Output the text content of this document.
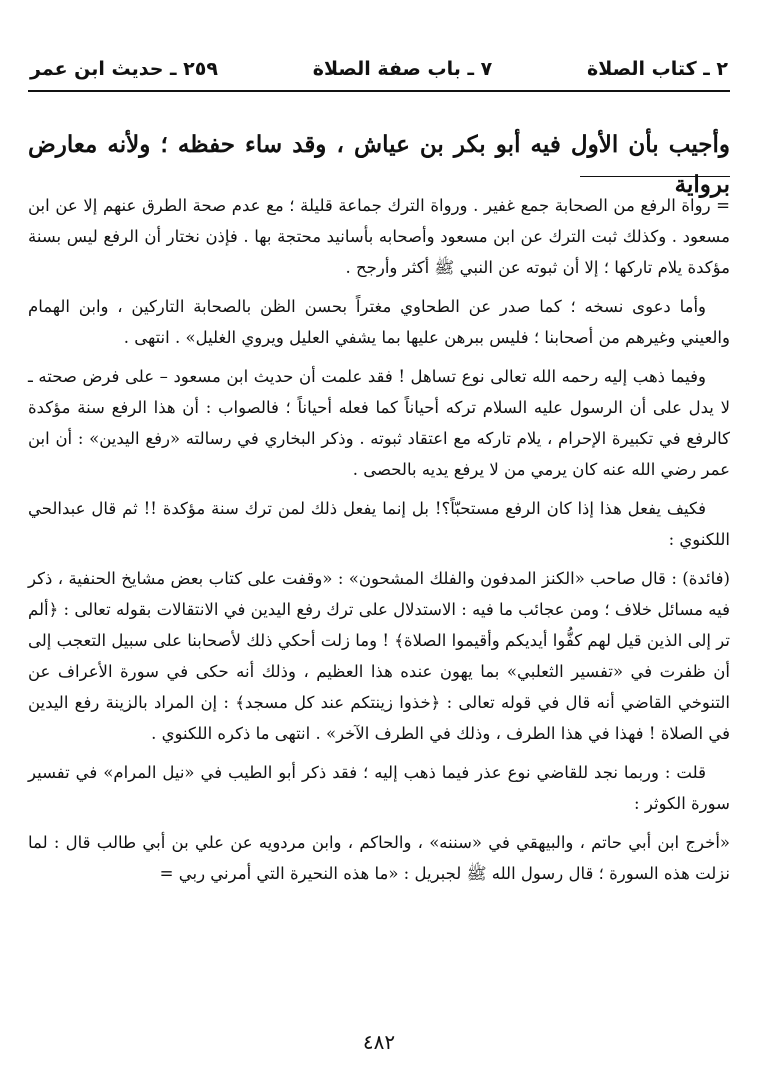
٢ ـ كتاب الصلاة
٧ ـ باب صفة الصلاة
٢٥٩ ـ حديث ابن عمر
وأجيب بأن الأول فيه أبو بكر بن عياش ، وقد ساء حفظه ؛ ولأنه معارض برواية

= رواة الرفع من الصحابة جمع غفير . ورواة الترك جماعة قليلة ؛ مع عدم صحة الطرق عنهم إلا عن ابن مسعود . وكذلك ثبت الترك عن ابن مسعود وأصحابه بأسانيد محتجة بها . فإذن نختار أن الرفع ليس بسنة مؤكدة يلام تاركها ؛ إلا أن ثبوته عن النبي ﷺ أكثر وأرجح .

وأما دعوى نسخه ؛ كما صدر عن الطحاوي مغتراً بحسن الظن بالصحابة التاركين ، وابن الهمام والعيني وغيرهم من أصحابنا ؛ فليس ببرهن عليها بما يشفي العليل ويروي الغليل» . انتهى .

وفيما ذهب إليه رحمه الله تعالى نوع تساهل ! فقد علمت أن حديث ابن مسعود – على فرض صحته ـ لا يدل على أن الرسول عليه السلام تركه أحياناً كما فعله أحياناً ؛ فالصواب : أن هذا الرفع سنة مؤكدة كالرفع في تكبيرة الإحرام ، يلام تاركه مع اعتقاد ثبوته . وذكر البخاري في رسالته «رفع اليدين» : أن ابن عمر رضي الله عنه كان يرمي من لا يرفع يديه بالحصى .

فكيف يفعل هذا إذا كان الرفع مستحبّاً؟! بل إنما يفعل ذلك لمن ترك سنة مؤكدة !! ثم قال عبدالحي اللكنوي :

(فائدة) : قال صاحب «الكنز المدفون والفلك المشحون» : «وقفت على كتاب بعض مشايخ الحنفية ، ذكر فيه مسائل خلاف ؛ ومن عجائب ما فيه : الاستدلال على ترك رفع اليدين في الانتقالات بقوله تعالى : ﴿ألم تر إلى الذين قيل لهم كفُّوا أيديكم وأقيموا الصلاة﴾ ! وما زلت أحكي ذلك لأصحابنا على سبيل التعجب إلى أن ظفرت في «تفسير الثعلبي» بما يهون عنده هذا العظيم ، وذلك أنه حكى في سورة الأعراف عن التنوخي القاضي أنه قال في قوله تعالى : ﴿خذوا زينتكم عند كل مسجد﴾ : إن المراد بالزينة رفع اليدين في الصلاة ! فهذا في هذا الطرف ، وذلك في الطرف الآخر» . انتهى ما ذكره اللكنوي .

قلت : وربما نجد للقاضي نوع عذر فيما ذهب إليه ؛ فقد ذكر أبو الطيب في «نيل المرام» في تفسير سورة الكوثر :

«أخرج ابن أبي حاتم ، والبيهقي في «سننه» ، والحاكم ، وابن مردويه عن علي بن أبي طالب قال : لما نزلت هذه السورة ؛ قال رسول الله ﷺ لجبريل : «ما هذه النحيرة التي أمرني ربي =

٤٨٢
